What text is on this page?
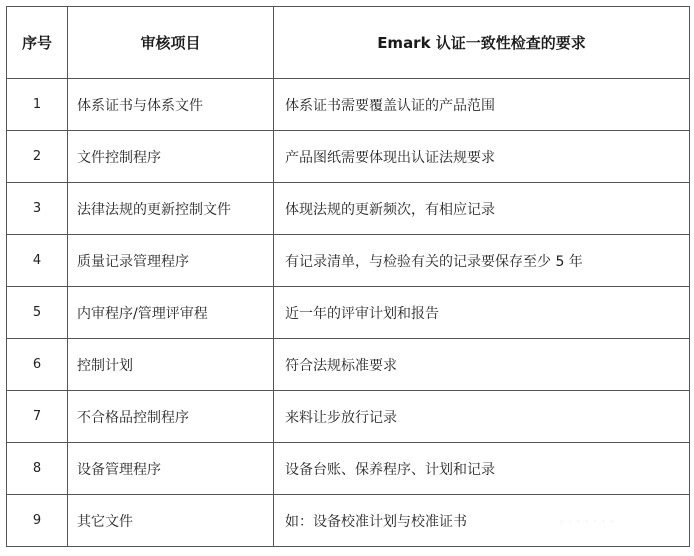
序号	审核项目	Emark 认证一致性检查的要求
1	体系证书与体系文件	体系证书需要覆盖认证的产品范围
2	文件控制程序	产品图纸需要体现出认证法规要求
3	法律法规的更新控制文件	体现法规的更新频次，有相应记录
4	质量记录管理程序	有记录清单，与检验有关的记录要保存至少 5 年
5	内审程序/管理评审程	近一年的评审计划和报告
6	控制计划	符合法规标准要求
7	不合格品控制程序	来料让步放行记录
8	设备管理程序	设备台账、保养程序、计划和记录
9	其它文件	如：设备校准计划与校准证书	· · · · · · ·
